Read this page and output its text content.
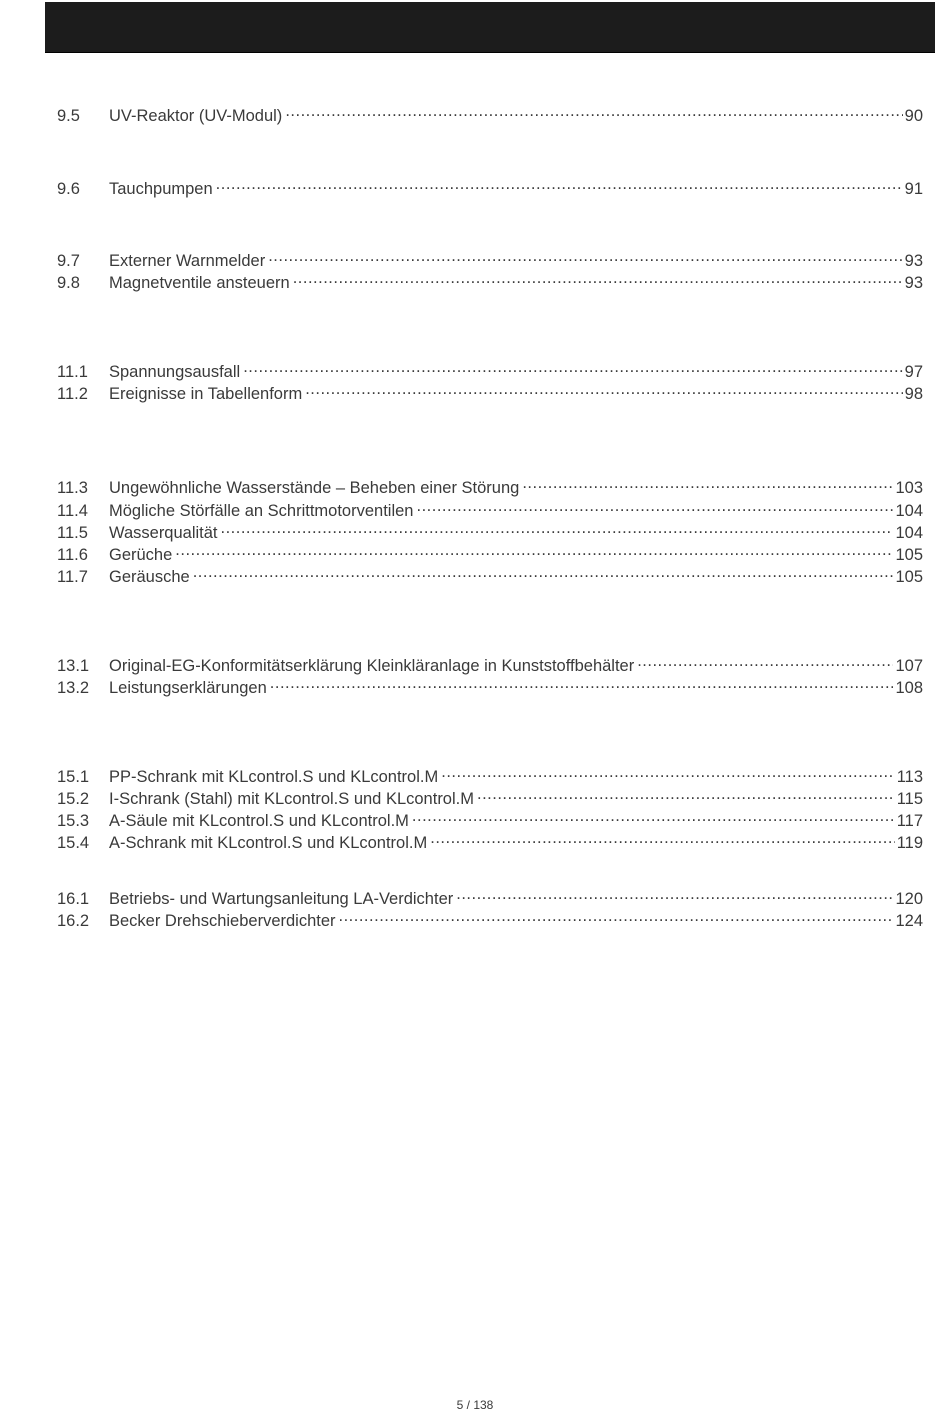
9.5	UV-Reaktor (UV-Modul) .....	90
9.6	Tauchpumpen .....	91
9.7	Externer Warnmelder .....	93
9.8	Magnetventile ansteuern .....	93
11.1	Spannungsausfall .....	97
11.2	Ereignisse in Tabellenform .....	98
11.3	Ungewöhnliche Wasserstände – Beheben einer Störung .....	103
11.4	Mögliche Störfälle an Schrittmotorventilen .....	104
11.5	Wasserqualität .....	104
11.6	Gerüche .....	105
11.7	Geräusche .....	105
13.1	Original-EG-Konformitätserklärung Kleinkläranlage in Kunststoffbehälter .....	107
13.2	Leistungserklärungen .....	108
15.1	PP-Schrank mit KLcontrol.S und KLcontrol.M .....	113
15.2	I-Schrank (Stahl) mit KLcontrol.S und KLcontrol.M .....	115
15.3	A-Säule mit KLcontrol.S und KLcontrol.M .....	117
15.4	A-Schrank mit KLcontrol.S und KLcontrol.M .....	119
16.1	Betriebs- und Wartungsanleitung LA-Verdichter .....	120
16.2	Becker Drehschieberverdichter .....	124
5 / 138
